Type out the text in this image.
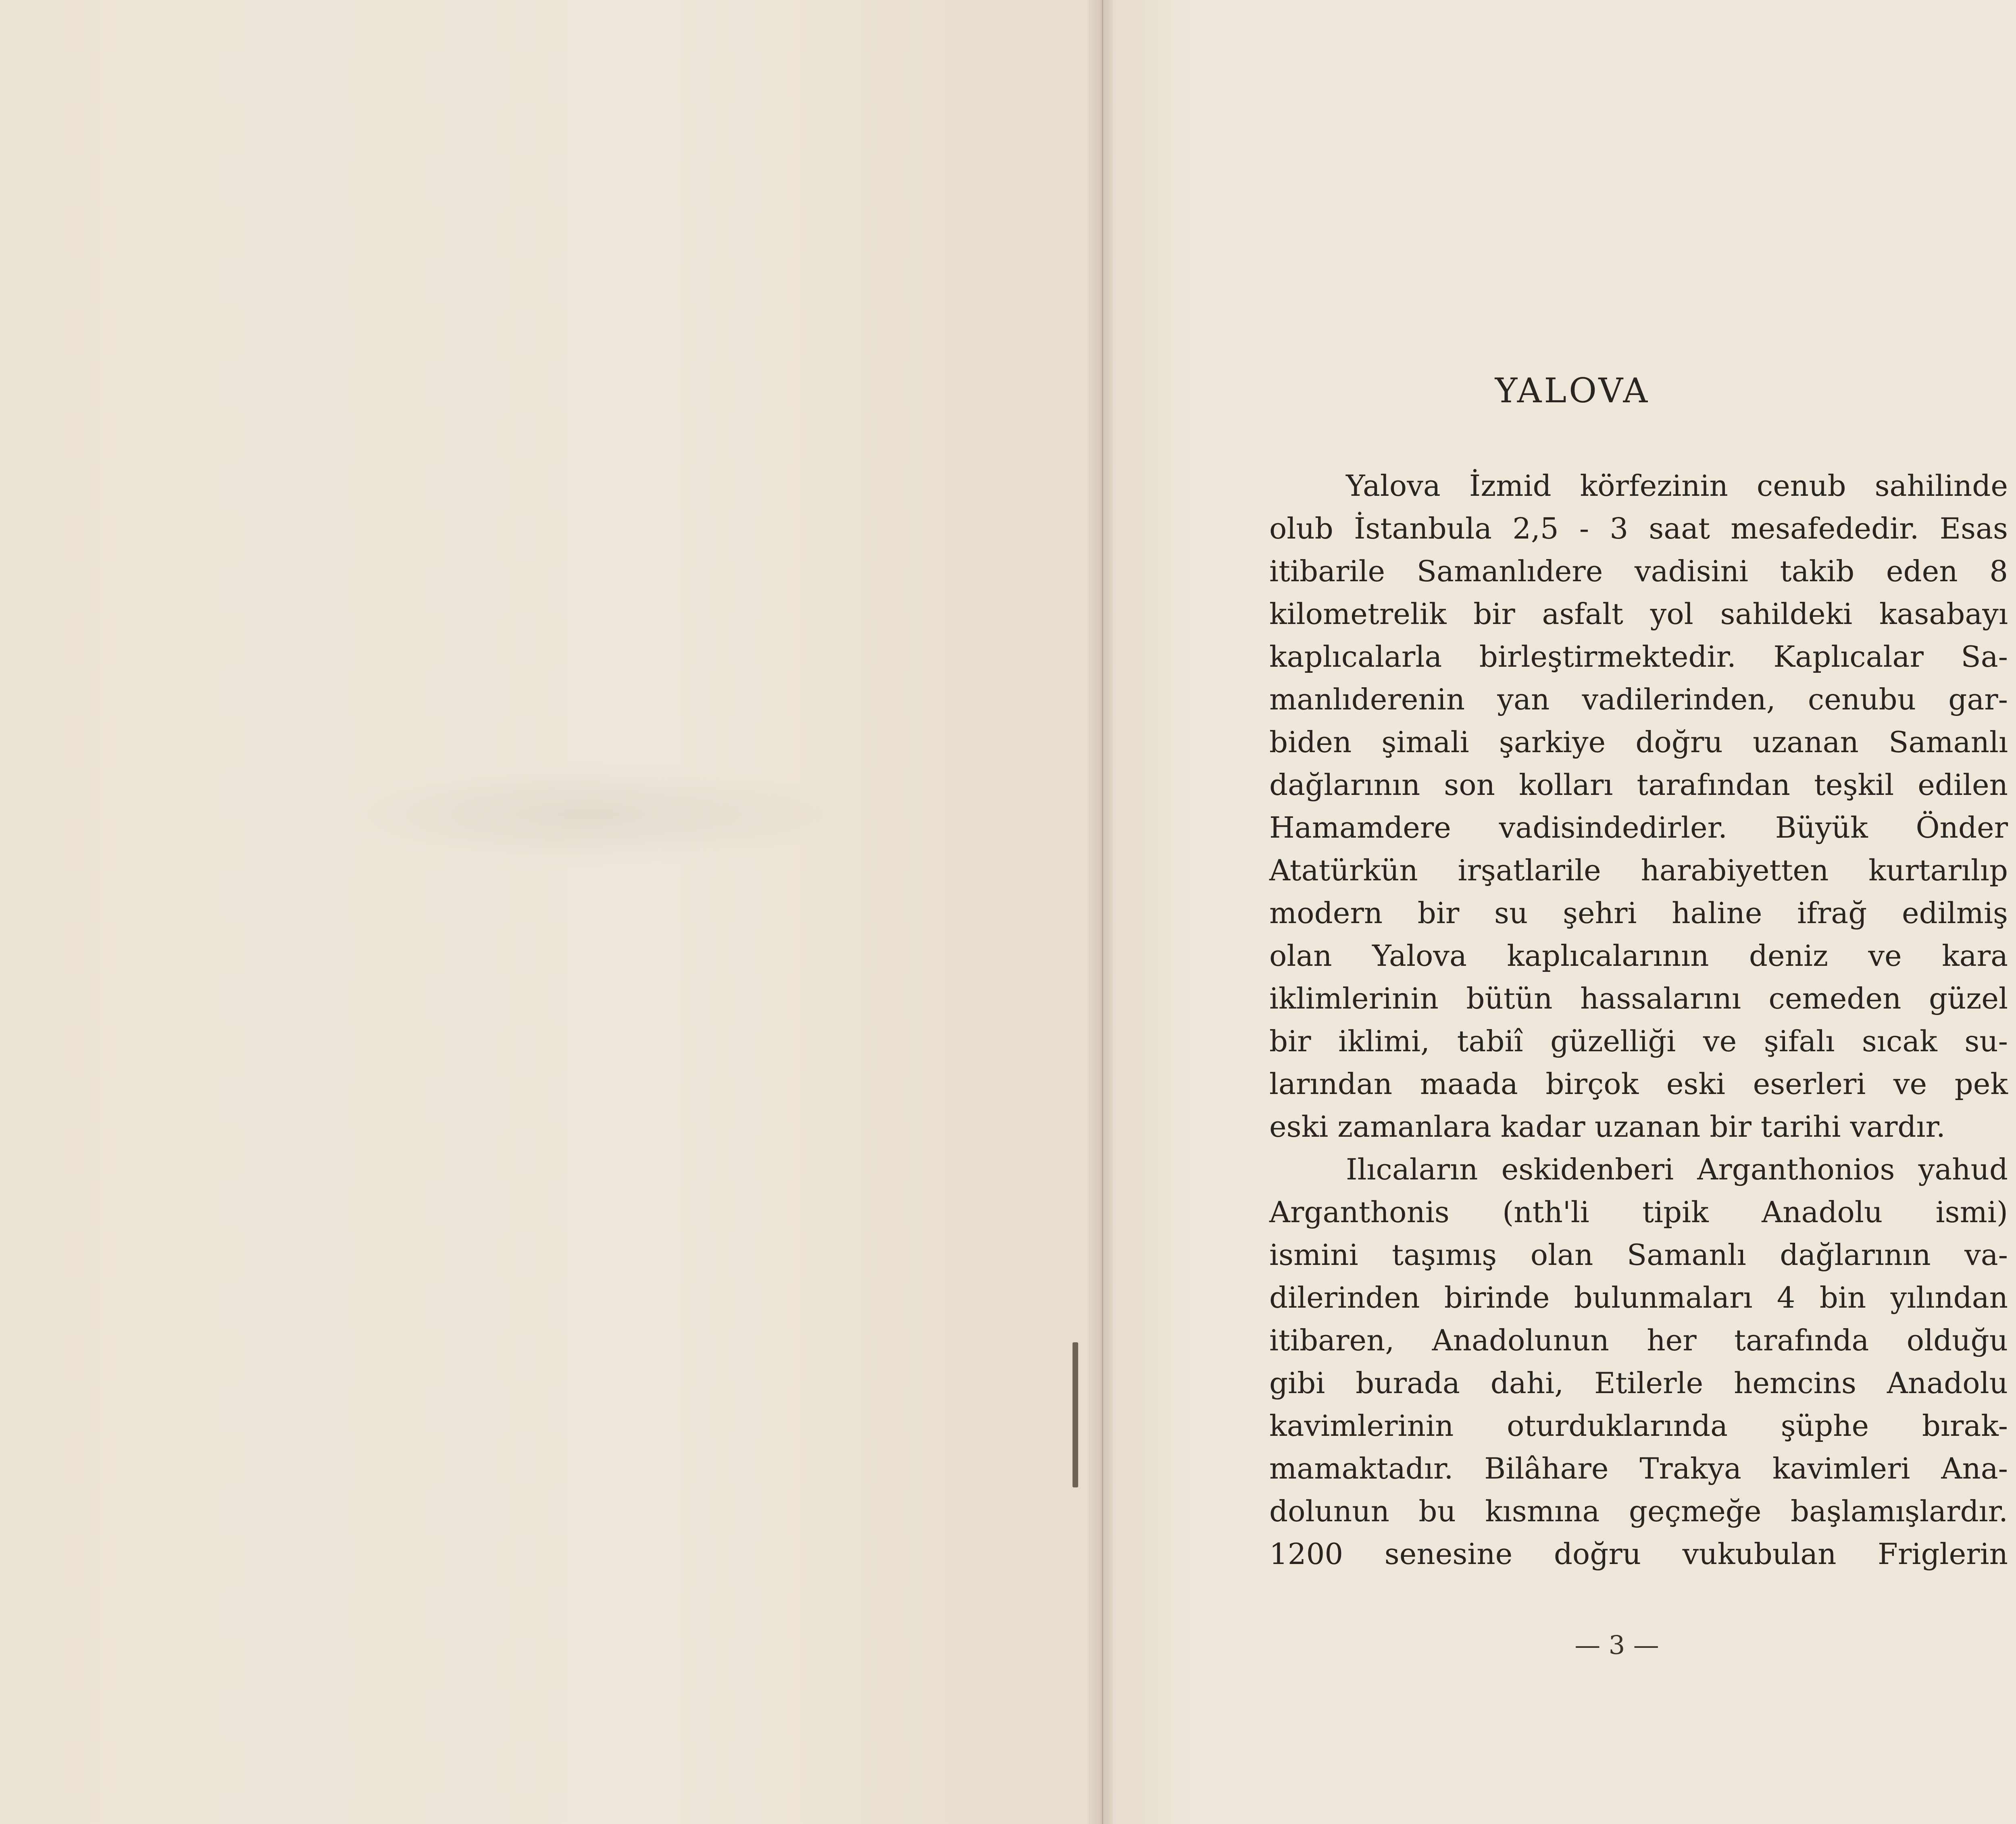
YALOVA
Yalova İzmid körfezinin cenub sahilinde
olub İstanbula 2,5 - 3 saat mesafededir. Esas
itibarile Samanlıdere vadisini takib eden 8
kilometrelik bir asfalt yol sahildeki kasabayı
kaplıcalarla birleştirmektedir. Kaplıcalar Sa-
manlıderenin yan vadilerinden, cenubu gar-
biden şimali şarkiye doğru uzanan Samanlı
dağlarının son kolları tarafından teşkil edilen
Hamamdere vadisindedirler. Büyük Önder
Atatürkün irşatlarile harabiyetten kurtarılıp
modern bir su şehri haline ifrağ edilmiş
olan Yalova kaplıcalarının deniz ve kara
iklimlerinin bütün hassalarını cemeden güzel
bir iklimi, tabiî güzelliği ve şifalı sıcak su-
larından maada birçok eski eserleri ve pek
eski zamanlara kadar uzanan bir tarihi vardır.
Ilıcaların eskidenberi Arganthonios yahud
Arganthonis (nth'li tipik Anadolu ismi)
ismini taşımış olan Samanlı dağlarının va-
dilerinden birinde bulunmaları 4 bin yılından
itibaren, Anadolunun her tarafında olduğu
gibi burada dahi, Etilerle hemcins Anadolu
kavimlerinin oturduklarında şüphe bırak-
mamaktadır. Bilâhare Trakya kavimleri Ana-
dolunun bu kısmına geçmeğe başlamışlardır.
1200 senesine doğru vukubulan Friglerin

— 3 —
